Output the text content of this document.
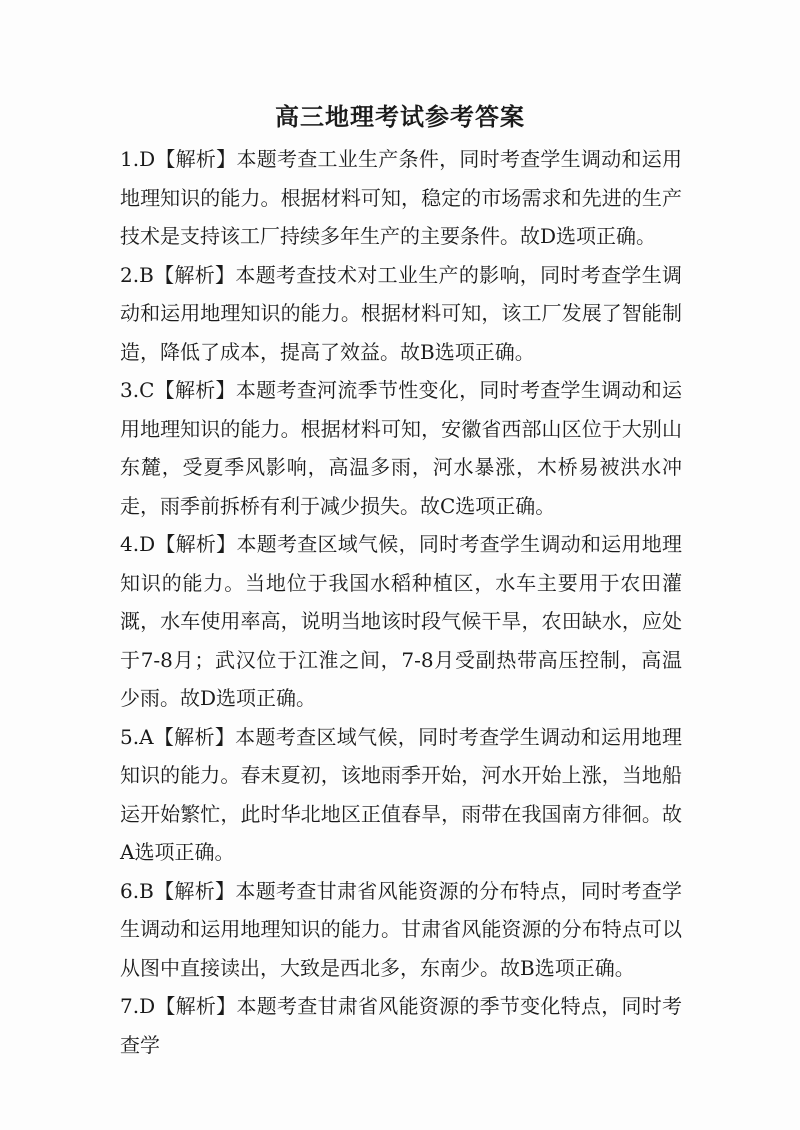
高三地理考试参考答案
1.D【解析】本题考查工业生产条件，同时考查学生调动和运用地理知识的能力。根据材料可知，稳定的市场需求和先进的生产技术是支持该工厂持续多年生产的主要条件。故D选项正确。
2.B【解析】本题考查技术对工业生产的影响，同时考查学生调动和运用地理知识的能力。根据材料可知，该工厂发展了智能制造，降低了成本，提高了效益。故B选项正确。
3.C【解析】本题考查河流季节性变化，同时考查学生调动和运用地理知识的能力。根据材料可知，安徽省西部山区位于大别山东麓，受夏季风影响，高温多雨，河水暴涨，木桥易被洪水冲走，雨季前拆桥有利于减少损失。故C选项正确。
4.D【解析】本题考查区域气候，同时考查学生调动和运用地理知识的能力。当地位于我国水稻种植区，水车主要用于农田灌溉，水车使用率高，说明当地该时段气候干旱，农田缺水，应处于7-8月；武汉位于江淮之间，7-8月受副热带高压控制，高温少雨。故D选项正确。
5.A【解析】本题考查区域气候，同时考查学生调动和运用地理知识的能力。春末夏初，该地雨季开始，河水开始上涨，当地船运开始繁忙，此时华北地区正值春旱，雨带在我国南方徘徊。故A选项正确。
6.B【解析】本题考查甘肃省风能资源的分布特点，同时考查学生调动和运用地理知识的能力。甘肃省风能资源的分布特点可以从图中直接读出，大致是西北多，东南少。故B选项正确。
7.D【解析】本题考查甘肃省风能资源的季节变化特点，同时考查学
